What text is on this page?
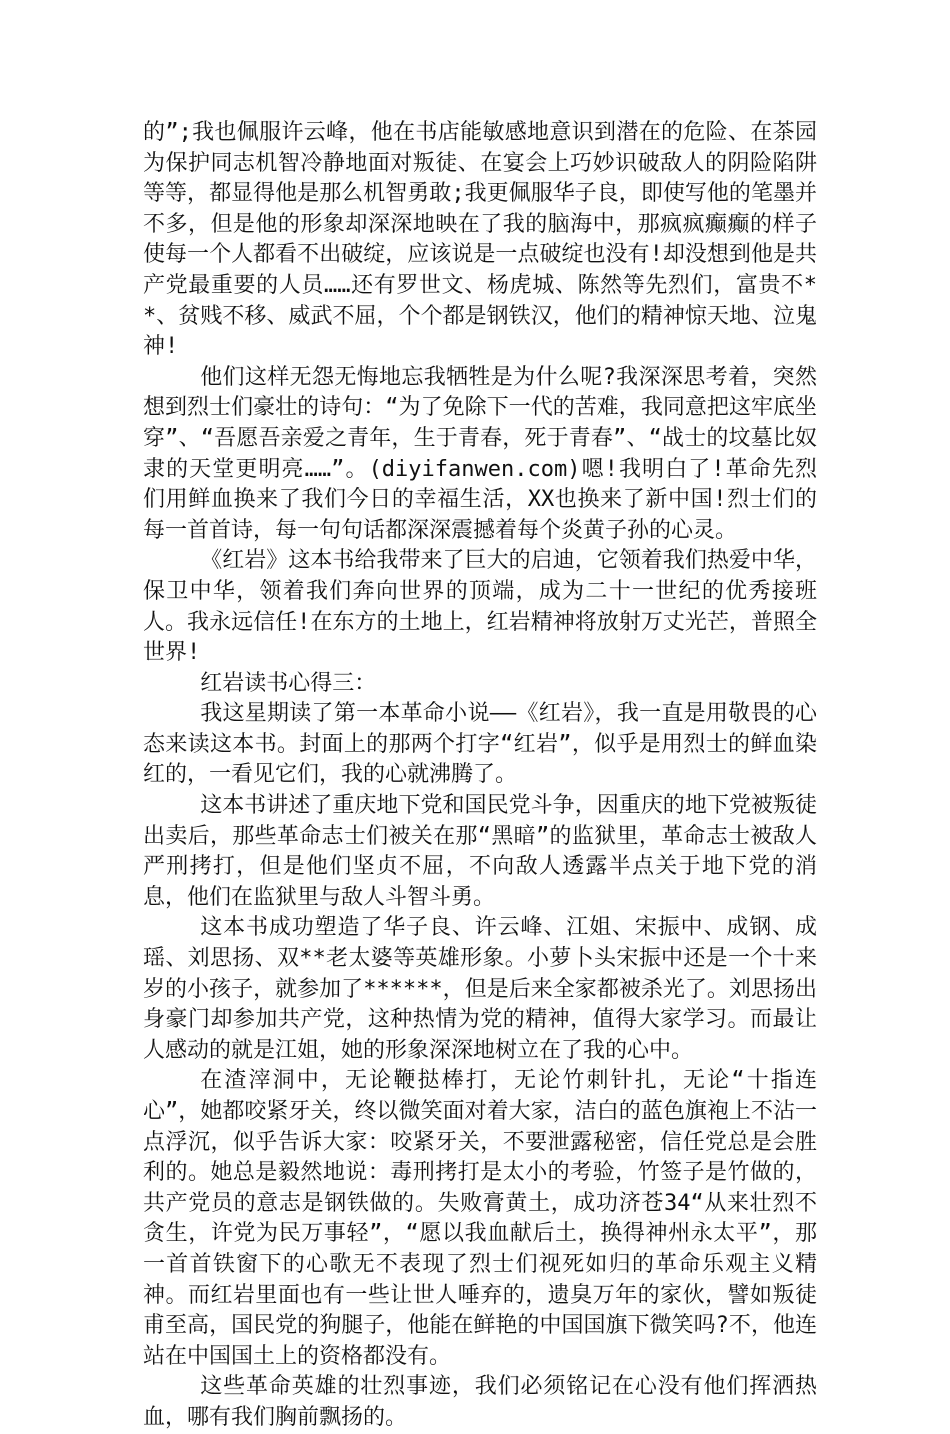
的”;我也佩服许云峰，他在书店能敏感地意识到潜在的危险、在茶园为保护同志机智冷静地面对叛徒、在宴会上巧妙识破敌人的阴险陷阱等等，都显得他是那么机智勇敢;我更佩服华子良，即使写他的笔墨并不多，但是他的形象却深深地映在了我的脑海中，那疯疯癫癫的样子使每一个人都看不出破绽，应该说是一点破绽也没有!却没想到他是共产党最重要的人员……还有罗世文、杨虎城、陈然等先烈们，富贵不**、贫贱不移、威武不屈，个个都是钢铁汉，他们的精神惊天地、泣鬼神!

他们这样无怨无悔地忘我牺牲是为什么呢?我深深思考着，突然想到烈士们豪壮的诗句：“为了免除下一代的苦难，我同意把这牢底坐穿”、“吾愿吾亲爱之青年，生于青春，死于青春”、“战士的坟墓比奴隶的天堂更明亮……”。(diyifanwen.com)嗯!我明白了!革命先烈们用鲜血换来了我们今日的幸福生活，XX也换来了新中国!烈士们的每一首首诗，每一句句话都深深震撼着每个炎黄子孙的心灵。

《红岩》这本书给我带来了巨大的启迪，它领着我们热爱中华，保卫中华，领着我们奔向世界的顶端，成为二十一世纪的优秀接班人。我永远信任!在东方的土地上，红岩精神将放射万丈光芒，普照全世界!

红岩读书心得三：

我这星期读了第一本革命小说——《红岩》，我一直是用敬畏的心态来读这本书。封面上的那两个打字“红岩”，似乎是用烈士的鲜血染红的，一看见它们，我的心就沸腾了。

这本书讲述了重庆地下党和国民党斗争，因重庆的地下党被叛徒出卖后，那些革命志士们被关在那“黑暗”的监狱里，革命志士被敌人严刑拷打，但是他们坚贞不屈，不向敌人透露半点关于地下党的消息，他们在监狱里与敌人斗智斗勇。

这本书成功塑造了华子良、许云峰、江姐、宋振中、成钢、成瑶、刘思扬、双**老太婆等英雄形象。小萝卜头宋振中还是一个十来岁的小孩子，就参加了******，但是后来全家都被杀光了。刘思扬出身豪门却参加共产党，这种热情为党的精神，值得大家学习。而最让人感动的就是江姐，她的形象深深地树立在了我的心中。

在渣滓洞中，无论鞭挞棒打，无论竹刺针扎，无论“十指连心”，她都咬紧牙关，终以微笑面对着大家，洁白的蓝色旗袍上不沾一点浮沉，似乎告诉大家：咬紧牙关，不要泄露秘密，信任党总是会胜利的。她总是毅然地说：毒刑拷打是太小的考验，竹签子是竹做的，共产党员的意志是钢铁做的。失败膏黄土，成功济苍34“从来壮烈不贪生，许党为民万事轻”，“愿以我血献后土，换得神州永太平”，那一首首铁窗下的心歌无不表现了烈士们视死如归的革命乐观主义精神。而红岩里面也有一些让世人唾弃的，遗臭万年的家伙，譬如叛徒甫至高，国民党的狗腿子，他能在鲜艳的中国国旗下微笑吗?不，他连站在中国国土上的资格都没有。

这些革命英雄的壮烈事迹，我们必须铭记在心没有他们挥洒热血，哪有我们胸前飘扬的。
